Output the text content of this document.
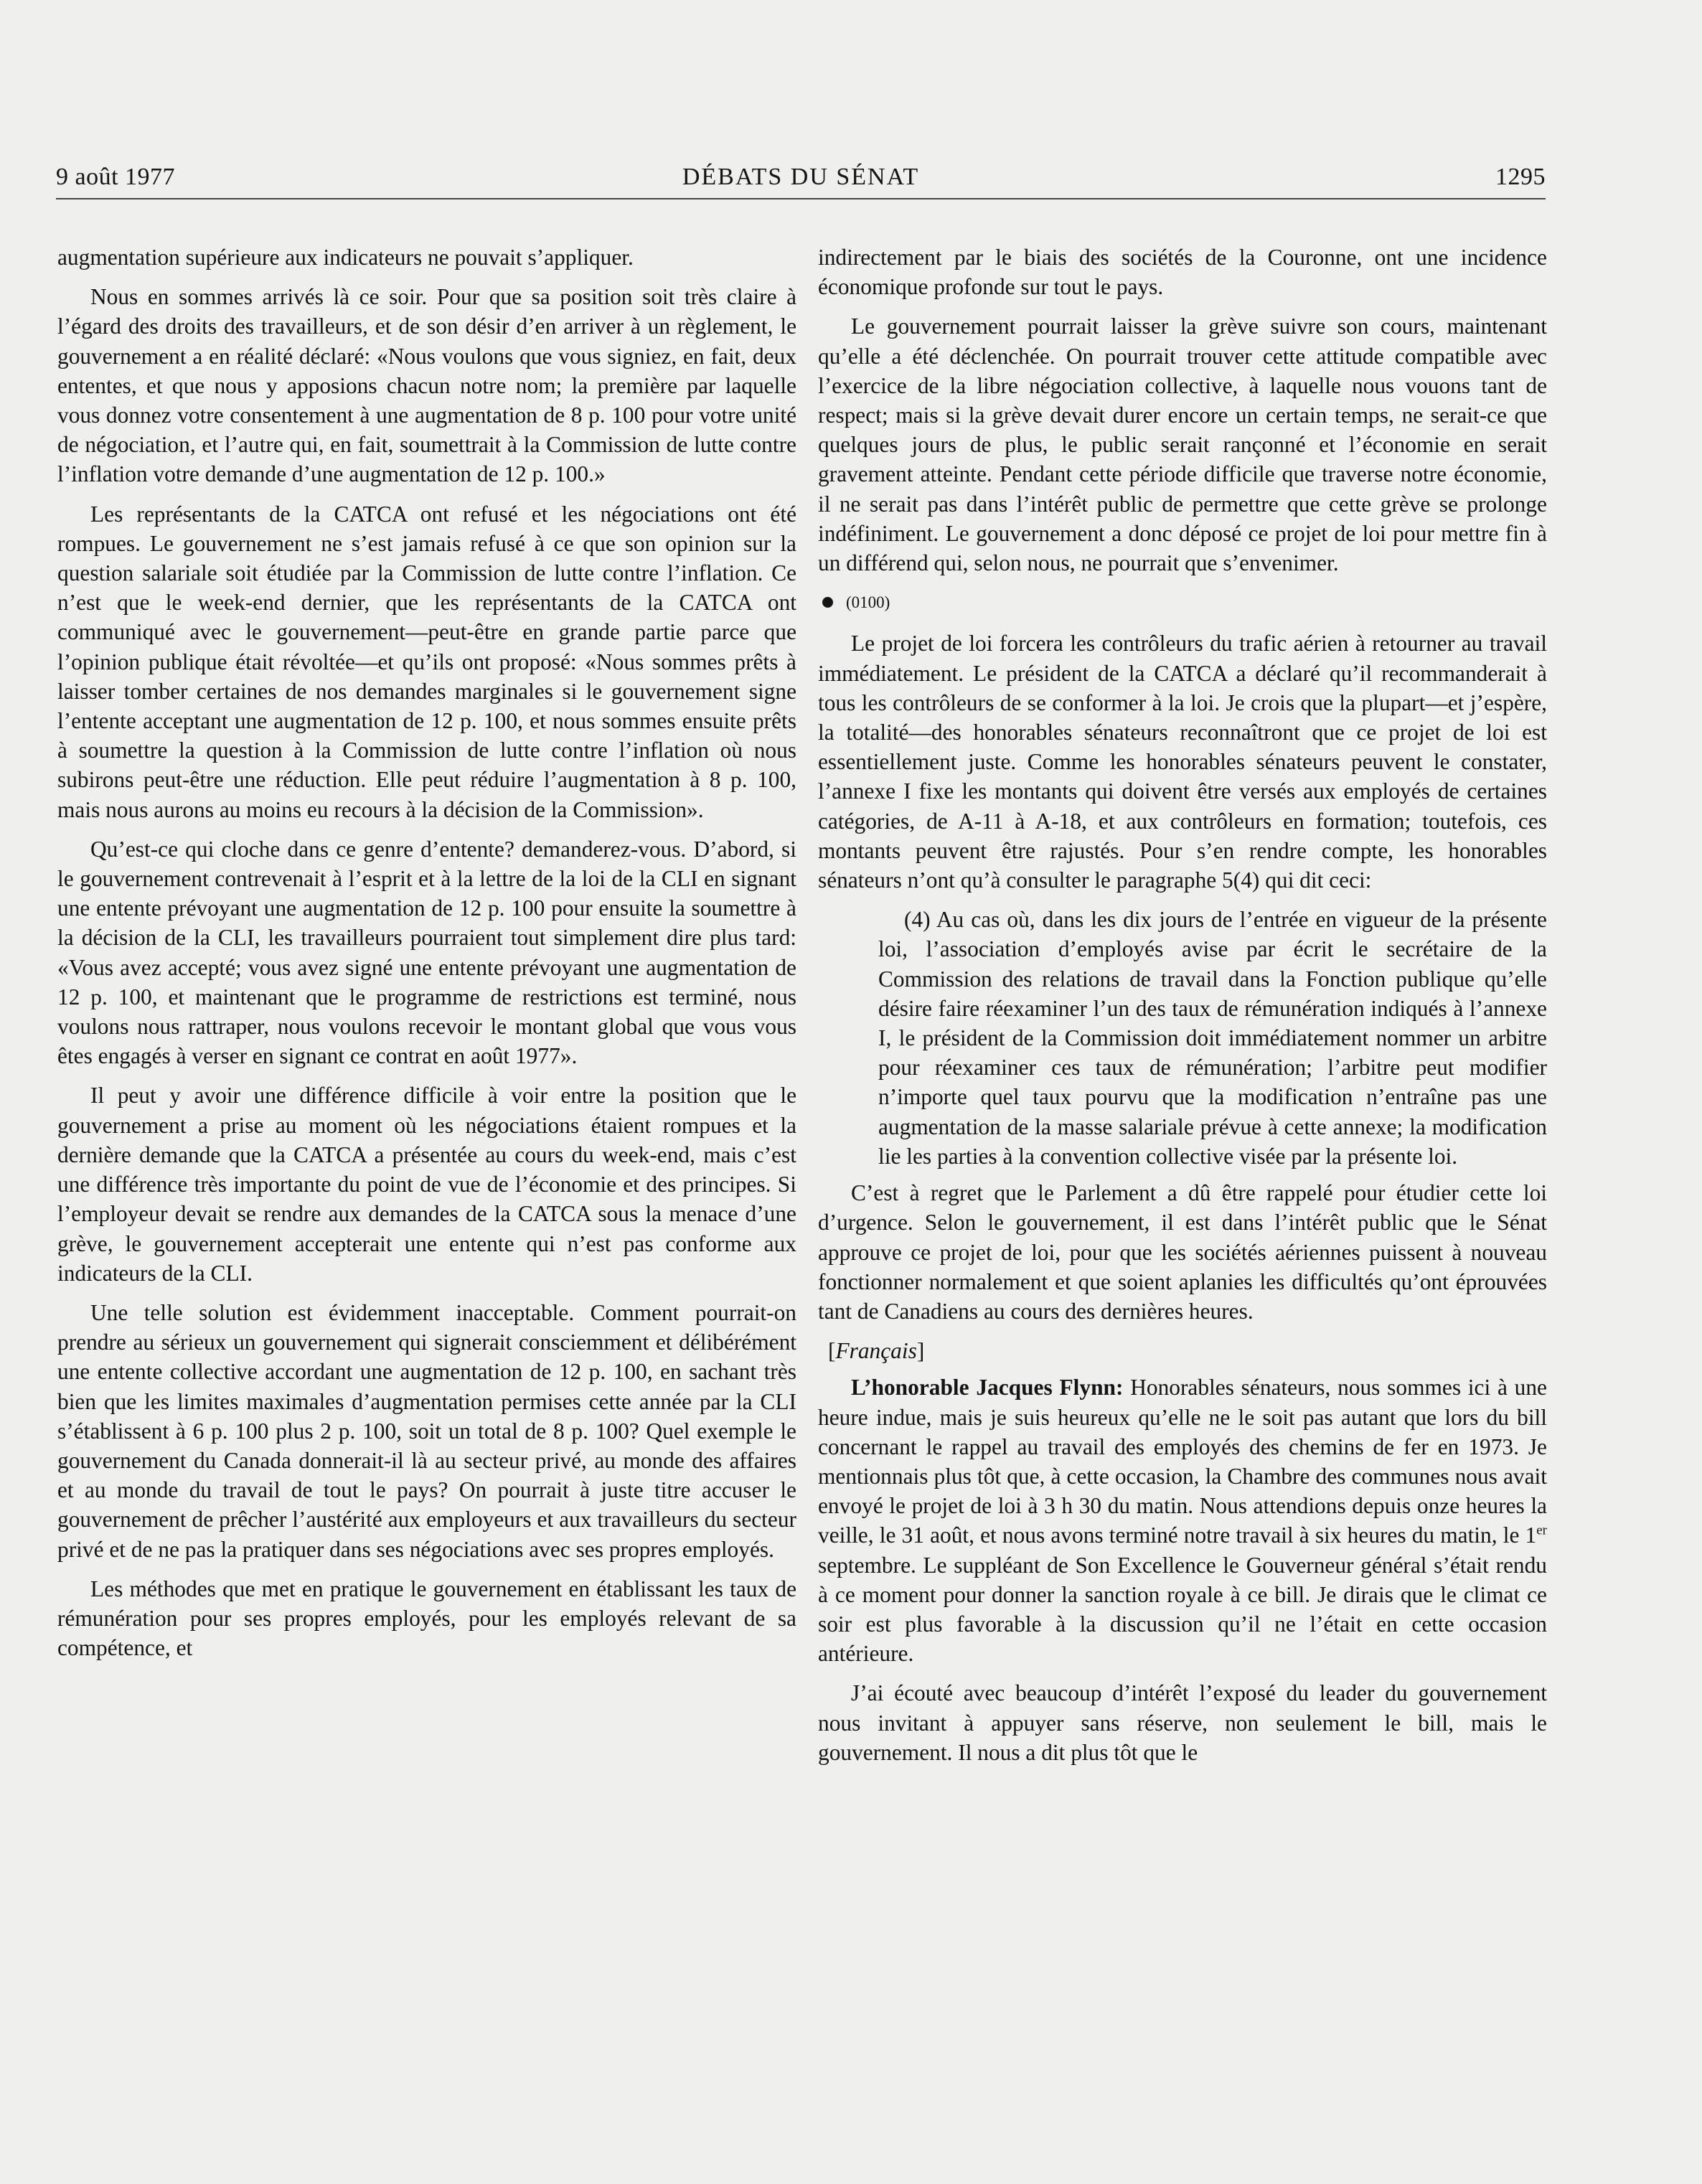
9 août 1977	DÉBATS DU SÉNAT	1295

augmentation supérieure aux indicateurs ne pouvait s’appliquer.

Nous en sommes arrivés là ce soir. Pour que sa position soit très claire à l’égard des droits des travailleurs, et de son désir d’en arriver à un règlement, le gouvernement a en réalité déclaré: «Nous voulons que vous signiez, en fait, deux ententes, et que nous y apposions chacun notre nom; la première par laquelle vous donnez votre consentement à une augmentation de 8 p. 100 pour votre unité de négociation, et l’autre qui, en fait, soumettrait à la Commission de lutte contre l’inflation votre demande d’une augmentation de 12 p. 100.»

Les représentants de la CATCA ont refusé et les négociations ont été rompues. Le gouvernement ne s’est jamais refusé à ce que son opinion sur la question salariale soit étudiée par la Commission de lutte contre l’inflation. Ce n’est que le week-end dernier, que les représentants de la CATCA ont communiqué avec le gouvernement—peut-être en grande partie parce que l’opinion publique était révoltée—et qu’ils ont proposé: «Nous sommes prêts à laisser tomber certaines de nos demandes marginales si le gouvernement signe l’entente acceptant une augmentation de 12 p. 100, et nous sommes ensuite prêts à soumettre la question à la Commission de lutte contre l’inflation où nous subirons peut-être une réduction. Elle peut réduire l’augmentation à 8 p. 100, mais nous aurons au moins eu recours à la décision de la Commission».

Qu’est-ce qui cloche dans ce genre d’entente? demanderez-vous. D’abord, si le gouvernement contrevenait à l’esprit et à la lettre de la loi de la CLI en signant une entente prévoyant une augmentation de 12 p. 100 pour ensuite la soumettre à la décision de la CLI, les travailleurs pourraient tout simplement dire plus tard: «Vous avez accepté; vous avez signé une entente prévoyant une augmentation de 12 p. 100, et maintenant que le programme de restrictions est terminé, nous voulons nous rattraper, nous voulons recevoir le montant global que vous vous êtes engagés à verser en signant ce contrat en août 1977».

Il peut y avoir une différence difficile à voir entre la position que le gouvernement a prise au moment où les négociations étaient rompues et la dernière demande que la CATCA a présentée au cours du week-end, mais c’est une différence très importante du point de vue de l’économie et des principes. Si l’employeur devait se rendre aux demandes de la CATCA sous la menace d’une grève, le gouvernement accepterait une entente qui n’est pas conforme aux indicateurs de la CLI.

Une telle solution est évidemment inacceptable. Comment pourrait-on prendre au sérieux un gouvernement qui signerait consciemment et délibérément une entente collective accordant une augmentation de 12 p. 100, en sachant très bien que les limites maximales d’augmentation permises cette année par la CLI s’établissent à 6 p. 100 plus 2 p. 100, soit un total de 8 p. 100? Quel exemple le gouvernement du Canada donnerait-il là au secteur privé, au monde des affaires et au monde du travail de tout le pays? On pourrait à juste titre accuser le gouvernement de prêcher l’austérité aux employeurs et aux travailleurs du secteur privé et de ne pas la pratiquer dans ses négociations avec ses propres employés.

Les méthodes que met en pratique le gouvernement en établissant les taux de rémunération pour ses propres employés, pour les employés relevant de sa compétence, et

indirectement par le biais des sociétés de la Couronne, ont une incidence économique profonde sur tout le pays.

Le gouvernement pourrait laisser la grève suivre son cours, maintenant qu’elle a été déclenchée. On pourrait trouver cette attitude compatible avec l’exercice de la libre négociation collective, à laquelle nous vouons tant de respect; mais si la grève devait durer encore un certain temps, ne serait-ce que quelques jours de plus, le public serait rançonné et l’économie en serait gravement atteinte. Pendant cette période difficile que traverse notre économie, il ne serait pas dans l’intérêt public de permettre que cette grève se prolonge indéfiniment. Le gouvernement a donc déposé ce projet de loi pour mettre fin à un différend qui, selon nous, ne pourrait que s’envenimer.

(0100)

Le projet de loi forcera les contrôleurs du trafic aérien à retourner au travail immédiatement. Le président de la CATCA a déclaré qu’il recommanderait à tous les contrôleurs de se conformer à la loi. Je crois que la plupart—et j’espère, la totalité—des honorables sénateurs reconnaîtront que ce projet de loi est essentiellement juste. Comme les honorables sénateurs peuvent le constater, l’annexe I fixe les montants qui doivent être versés aux employés de certaines catégories, de A-11 à A-18, et aux contrôleurs en formation; toutefois, ces montants peuvent être rajustés. Pour s’en rendre compte, les honorables sénateurs n’ont qu’à consulter le paragraphe 5(4) qui dit ceci:

(4) Au cas où, dans les dix jours de l’entrée en vigueur de la présente loi, l’association d’employés avise par écrit le secrétaire de la Commission des relations de travail dans la Fonction publique qu’elle désire faire réexaminer l’un des taux de rémunération indiqués à l’annexe I, le président de la Commission doit immédiatement nommer un arbitre pour réexaminer ces taux de rémunération; l’arbitre peut modifier n’importe quel taux pourvu que la modification n’entraîne pas une augmentation de la masse salariale prévue à cette annexe; la modification lie les parties à la convention collective visée par la présente loi.

C’est à regret que le Parlement a dû être rappelé pour étudier cette loi d’urgence. Selon le gouvernement, il est dans l’intérêt public que le Sénat approuve ce projet de loi, pour que les sociétés aériennes puissent à nouveau fonctionner normalement et que soient aplanies les difficultés qu’ont éprouvées tant de Canadiens au cours des dernières heures.

[Français]

L’honorable Jacques Flynn: Honorables sénateurs, nous sommes ici à une heure indue, mais je suis heureux qu’elle ne le soit pas autant que lors du bill concernant le rappel au travail des employés des chemins de fer en 1973. Je mentionnais plus tôt que, à cette occasion, la Chambre des communes nous avait envoyé le projet de loi à 3 h 30 du matin. Nous attendions depuis onze heures la veille, le 31 août, et nous avons terminé notre travail à six heures du matin, le 1er septembre. Le suppléant de Son Excellence le Gouverneur général s’était rendu à ce moment pour donner la sanction royale à ce bill. Je dirais que le climat ce soir est plus favorable à la discussion qu’il ne l’était en cette occasion antérieure.

J’ai écouté avec beaucoup d’intérêt l’exposé du leader du gouvernement nous invitant à appuyer sans réserve, non seulement le bill, mais le gouvernement. Il nous a dit plus tôt que le
